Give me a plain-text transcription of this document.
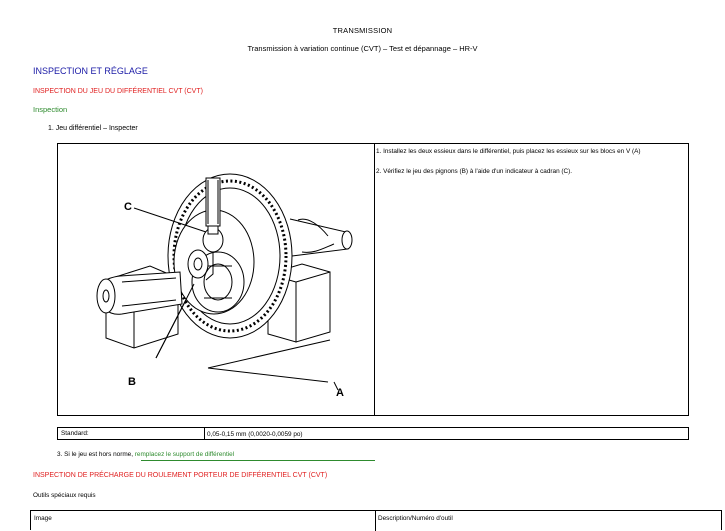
TRANSMISSION
Transmission à variation continue (CVT) – Test et dépannage – HR-V
INSPECTION ET RÉGLAGE
INSPECTION DU JEU DU DIFFÉRENTIEL CVT (CVT)
Inspection
1. Jeu différentiel – Inspecter
C
B
A

1. Installez les deux essieux dans le différentiel, puis placez les essieux sur les blocs en V (A)

2. Vérifiez le jeu des pignons (B) à l'aide d'un indicateur à cadran (C).

Standard:	0,05-0,15 mm (0,0020-0,0059 po)
3. Si le jeu est hors norme, remplacez le support de différentiel
INSPECTION DE PRÉCHARGE DU ROULEMENT PORTEUR DE DIFFÉRENTIEL CVT (CVT)
Outils spéciaux requis
Image	Description/Numéro d'outil
